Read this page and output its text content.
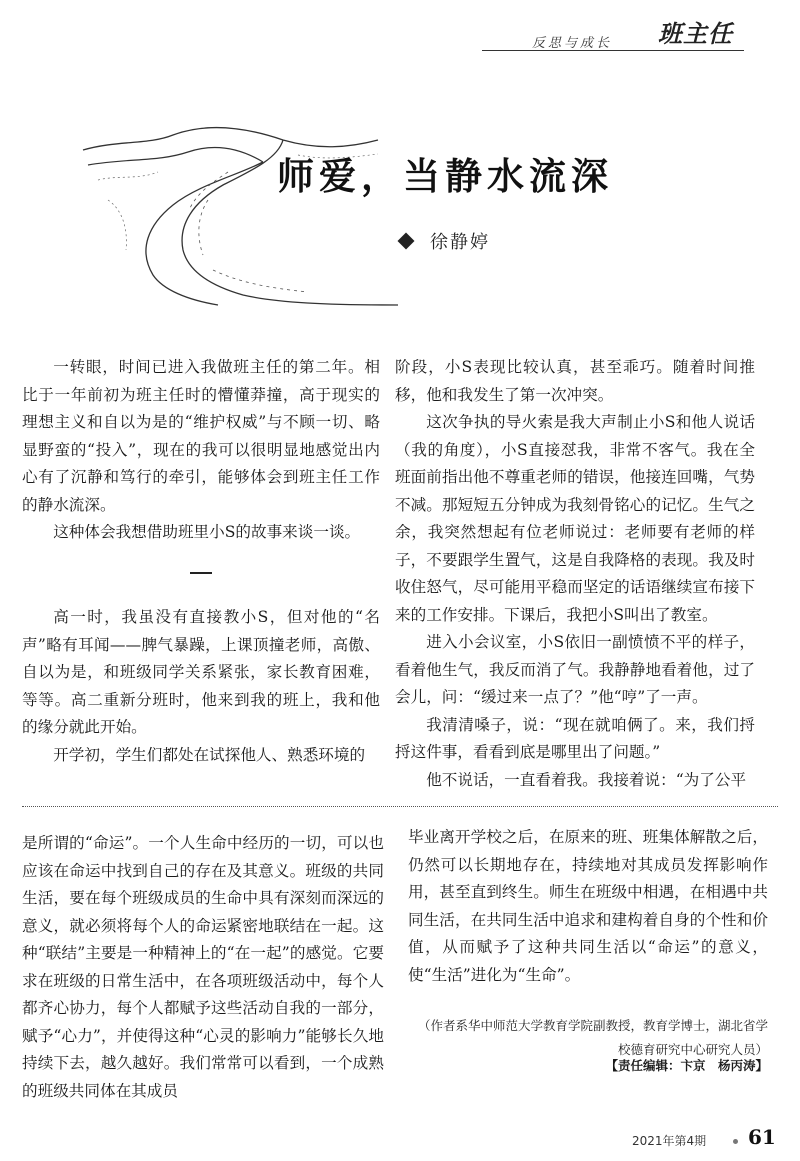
反思与成长 班主任
师爱，当静水流深
徐静婷

一转眼，时间已进入我做班主任的第二年。相比于一年前初为班主任时的懵懂莽撞，高于现实的理想主义和自以为是的“维护权威”与不顾一切、略显野蛮的“投入”，现在的我可以很明显地感觉出内心有了沉静和笃行的牵引，能够体会到班主任工作的静水流深。

这种体会我想借助班里小S的故事来谈一谈。

高一时，我虽没有直接教小S，但对他的“名声”略有耳闻——脾气暴躁，上课顶撞老师，高傲、自以为是，和班级同学关系紧张，家长教育困难，等等。高二重新分班时，他来到我的班上，我和他的缘分就此开始。

开学初，学生们都处在试探他人、熟悉环境的

阶段，小S表现比较认真，甚至乖巧。随着时间推移，他和我发生了第一次冲突。

这次争执的导火索是我大声制止小S和他人说话（我的角度），小S直接怼我，非常不客气。我在全班面前指出他不尊重老师的错误，他接连回嘴，气势不减。那短短五分钟成为我刻骨铭心的记忆。生气之余，我突然想起有位老师说过：老师要有老师的样子，不要跟学生置气，这是自我降格的表现。我及时收住怒气，尽可能用平稳而坚定的话语继续宣布接下来的工作安排。下课后，我把小S叫出了教室。

进入小会议室，小S依旧一副愤愤不平的样子，看着他生气，我反而消了气。我静静地看着他，过了会儿，问：“缓过来一点了？”他“哼”了一声。

我清清嗓子，说：“现在就咱俩了。来，我们捋捋这件事，看看到底是哪里出了问题。”

他不说话，一直看着我。我接着说：“为了公平

是所谓的“命运”。一个人生命中经历的一切，可以也应该在命运中找到自己的存在及其意义。班级的共同生活，要在每个班级成员的生命中具有深刻而深远的意义，就必须将每个人的命运紧密地联结在一起。这种“联结”主要是一种精神上的“在一起”的感觉。它要求在班级的日常生活中，在各项班级活动中，每个人都齐心协力，每个人都赋予这些活动自我的一部分，赋予“心力”，并使得这种“心灵的影响力”能够长久地持续下去，越久越好。我们常常可以看到，一个成熟的班级共同体在其成员

毕业离开学校之后，在原来的班、班集体解散之后，仍然可以长期地存在，持续地对其成员发挥影响作用，甚至直到终生。师生在班级中相遇，在相遇中共同生活，在共同生活中追求和建构着自身的个性和价值，从而赋予了这种共同生活以“命运”的意义，使“生活”进化为“生命”。

（作者系华中师范大学教育学院副教授，教育学博士，湖北省学校德育研究中心研究人员）
【责任编辑：卞京　杨丙涛】
2021年第4期 61
